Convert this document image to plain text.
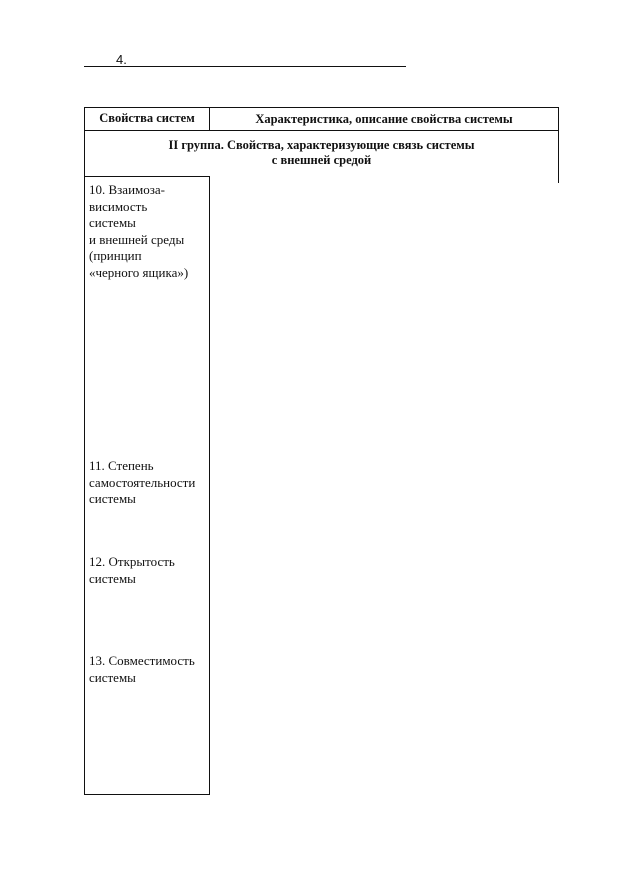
4.
Свойства систем	Характеристика, описание свойства системы
II группа. Свойства, характеризующие связь системы
с внешней средой
10. Взаимоза-
висимость
системы
и внешней среды
(принцип
«черного ящика»)
11. Степень
самостоятельности
системы
12. Открытость
системы
13. Совместимость
системы
